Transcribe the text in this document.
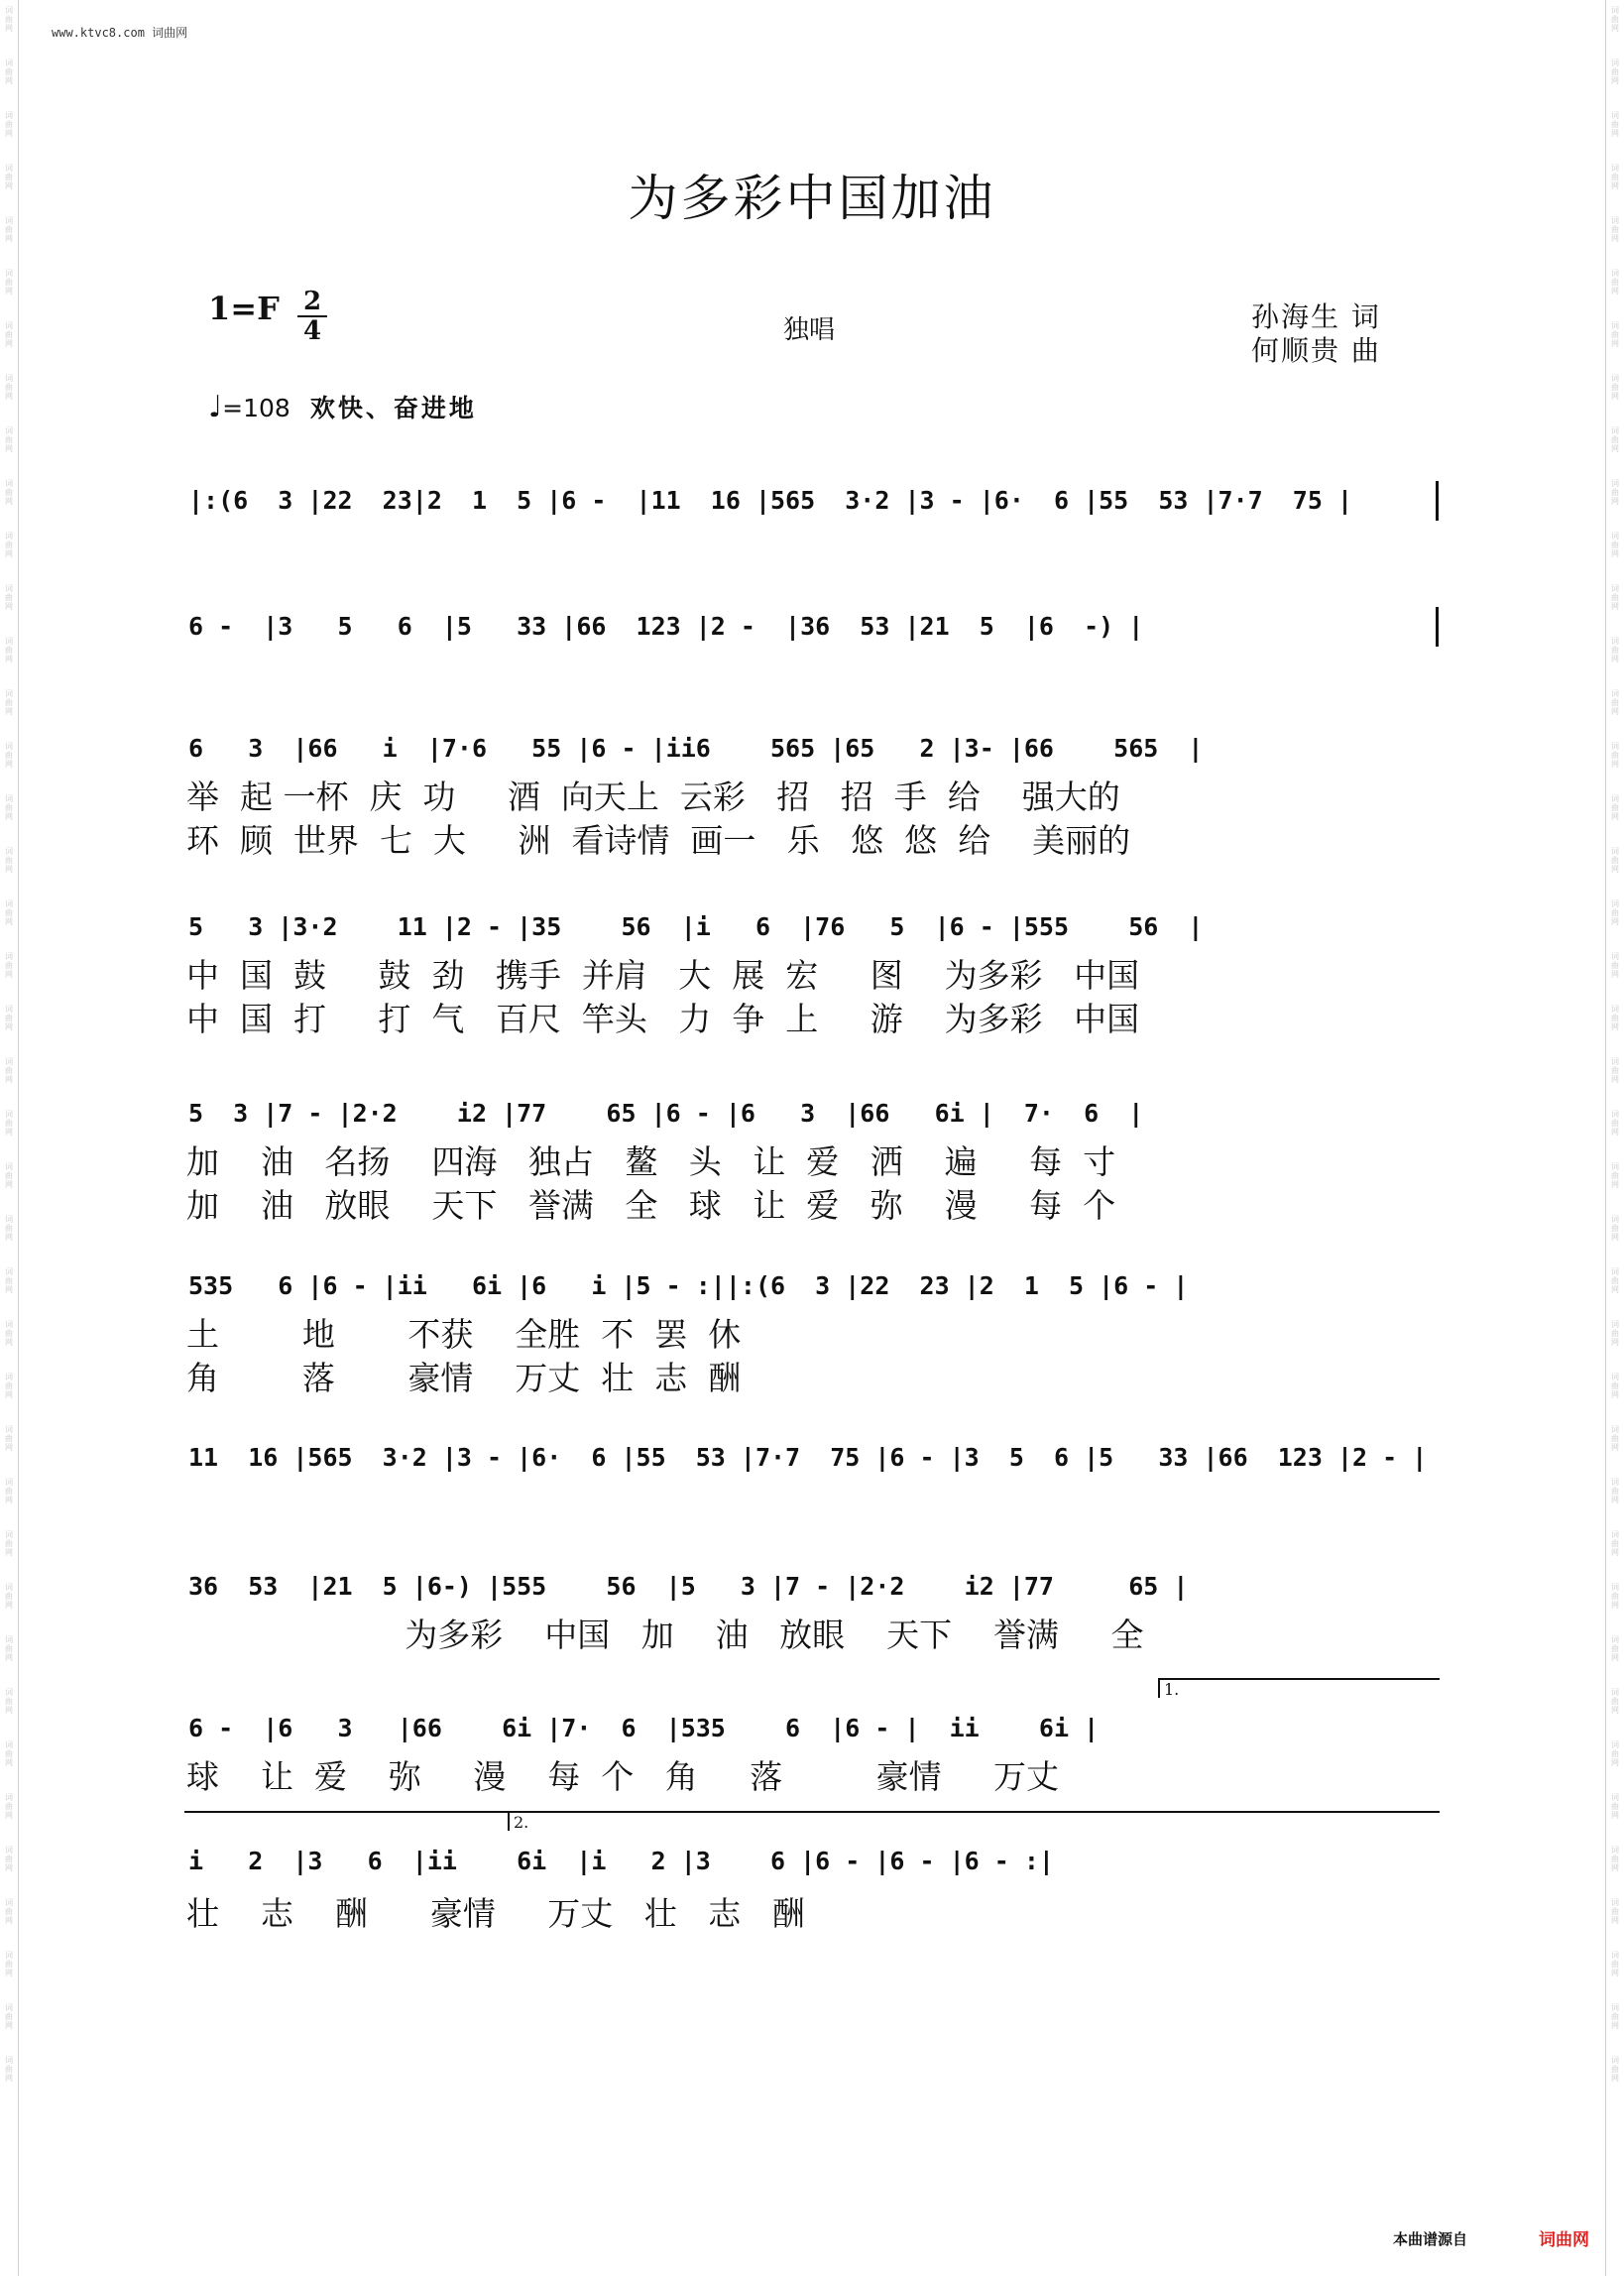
词曲网
词曲网
词曲网
词曲网
词曲网
词曲网
词曲网
词曲网
词曲网
词曲网
词曲网
词曲网
词曲网
词曲网
词曲网
词曲网
词曲网
词曲网
词曲网
词曲网
词曲网
词曲网
词曲网
词曲网
词曲网
词曲网
词曲网
词曲网
词曲网
词曲网
词曲网
词曲网
词曲网
词曲网
词曲网
词曲网
词曲网
词曲网
词曲网
词曲网
词曲网
词曲网
词曲网
词曲网
词曲网
词曲网
词曲网
词曲网
词曲网
词曲网
词曲网
词曲网
词曲网
词曲网
词曲网
词曲网
词曲网
词曲网
词曲网
词曲网
词曲网
词曲网
词曲网
词曲网
词曲网
词曲网
词曲网
词曲网
词曲网
词曲网
词曲网
词曲网
词曲网
词曲网
词曲网
词曲网
词曲网
词曲网
词曲网
词曲网
www.ktvc8.com 词曲网
为多彩中国加油
1=F 2
4	独唱	孙海生 词
何顺贵 曲
♩=108 欢快、奋进地
|:(6  3 |22  23|2  1  5 |6 -  |11  16 |565  3·2 |3 - |6·  6 |55  53 |7·7  75 |
6 -  |3   5   6  |5   33 |66  123 |2 -  |36  53 |21  5  |6  -) |
6   3  |66   i  |7·6   55 |6 - |ii6    565 |65   2 |3- |66    565  |
举  起 一杯  庆  功     酒  向天上  云彩   招   招  手  给    强大的
环  顾  世界  七  大     洲  看诗情  画一   乐   悠  悠  给    美丽的
5   3 |3·2    11 |2 - |35    56  |i   6  |76   5  |6 - |555    56  |
中  国  鼓     鼓  劲   携手  并肩   大  展  宏     图    为多彩   中国
中  国  打     打  气   百尺  竿头   力  争  上     游    为多彩   中国
5  3 |7 - |2·2    i2 |77    65 |6 - |6   3  |66   6i |  7·  6  |
加    油   名扬    四海   独占   鳌   头   让  爱   洒    遍     每  寸
加    油   放眼    天下   誉满   全   球   让  爱   弥    漫     每  个
535   6 |6 - |ii   6i |6   i |5 - :||:(6  3 |22  23 |2  1  5 |6 - |
土        地       不获    全胜  不  罢  休
角        落       豪情    万丈  壮  志  酬
11  16 |565  3·2 |3 - |6·  6 |55  53 |7·7  75 |6 - |3  5  6 |5   33 |66  123 |2 - |
36  53  |21  5 |6-) |555    56  |5   3 |7 - |2·2    i2 |77     65 |
为多彩    中国   加    油   放眼    天下    誉满     全
1.
6 -  |6   3   |66    6i |7·  6  |535    6  |6 - |  ii    6i |
球    让  爱    弥     漫    每  个   角     落         豪情     万丈
2.
i   2  |3   6  |ii    6i  |i   2 |3    6 |6 - |6 - |6 - :|
壮    志    酬      豪情     万丈   壮   志   酬
本曲谱源自	词曲网
